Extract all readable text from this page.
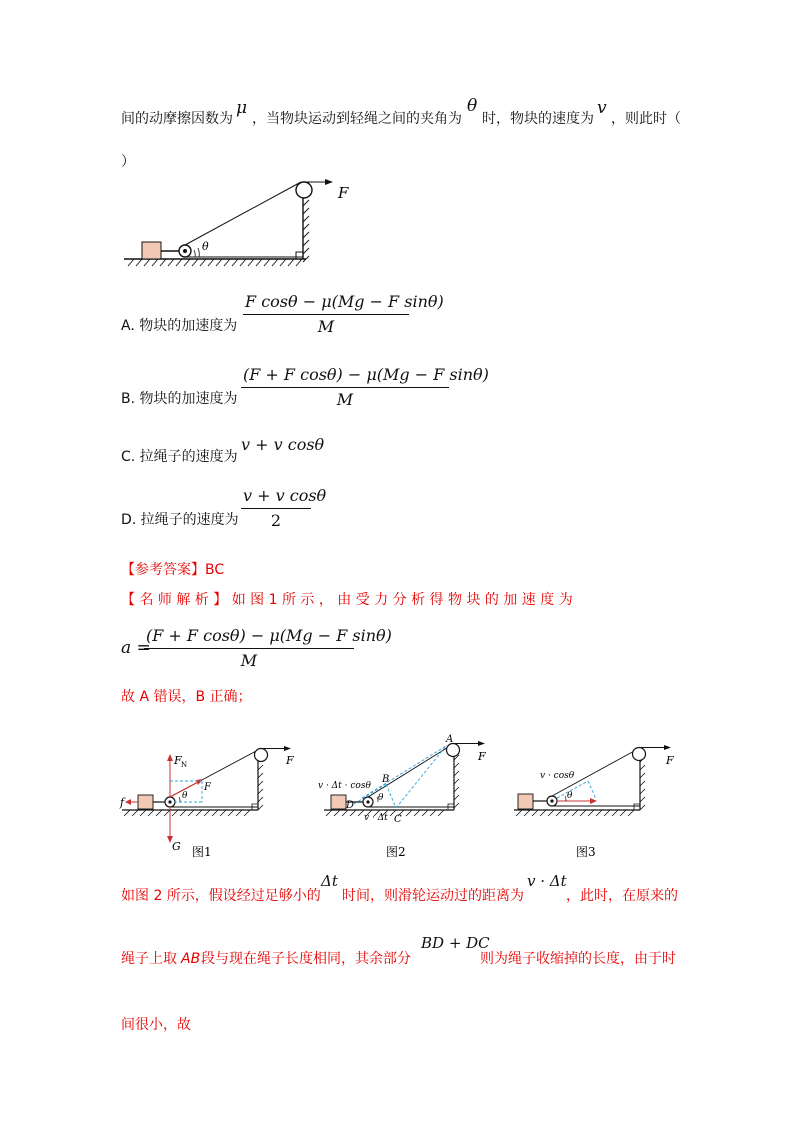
间的动摩擦因数为
μ
，当物块运动到轻绳之间的夹角为
θ
时，物块的速度为
v
，则此时（
）
θ
F
A. 物块的加速度为 $\frac{\text{F cosθ − μ(Mg − F sinθ)}}{M}$
B. 物块的加速度为 $\frac{\text{(F + F cosθ) − μ(Mg − F sinθ)}}{M}$
C. 拉绳子的速度为
v + v cosθ
D. 拉绳子的速度为 $\frac{\text{v + v cosθ}}{2}$
【参考答案】BC
【 名 师 解 析 】 如 图 1 所 示 ， 由 受 力 分 析 得 物 块 的 加 速 度 为
a =
$\frac{\text{(F + F cosθ) − μ(Mg − F sinθ)}}{M}$
故 A 错误，B 正确；
F N
F
θ
f
G
F
图1
A
B
C
D
v · Δt · cosθ
v · Δt
θ
F
图2
v · cosθ
θ
F
图3
如图 2 所示，假设经过足够小的
Δt
时间，则滑轮运动过的距离为
v · Δt
，此时，在原来的
绳子上取 AB 段与现在绳子长度相同，其余部分
BD + DC
则为绳子收缩掉的长度，由于时
间很小，故
